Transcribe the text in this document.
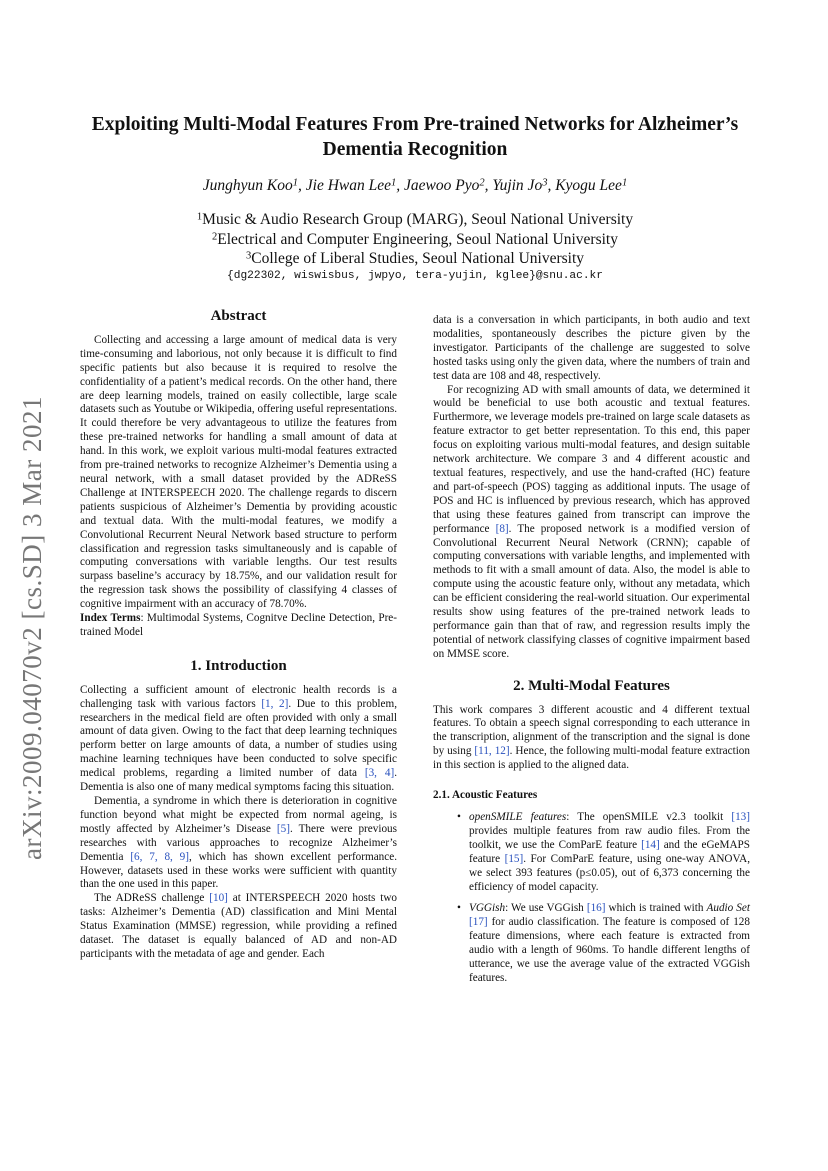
arXiv:2009.04070v2 [cs.SD] 3 Mar 2021
Exploiting Multi-Modal Features From Pre-trained Networks for Alzheimer’s
Dementia Recognition
Junghyun Koo$^1$, Jie Hwan Lee$^1$, Jaewoo Pyo$^2$, Yujin Jo$^3$, Kyogu Lee$^1$
$^1$Music & Audio Research Group (MARG), Seoul National University
$^2$Electrical and Computer Engineering, Seoul National University
$^3$College of Liberal Studies, Seoul National University
{dg22302, wiswisbus, jwpyo, tera-yujin, kglee}@snu.ac.kr
Abstract

Collecting and accessing a large amount of medical data is very time-consuming and laborious, not only because it is difficult to find specific patients but also because it is required to resolve the confidentiality of a patient’s medical records. On the other hand, there are deep learning models, trained on easily collectible, large scale datasets such as Youtube or Wikipedia, offering useful representations. It could therefore be very advantageous to utilize the features from these pre-trained networks for handling a small amount of data at hand. In this work, we exploit various multi-modal features extracted from pre-trained networks to recognize Alzheimer’s Dementia using a neural network, with a small dataset provided by the ADReSS Challenge at INTERSPEECH 2020. The challenge regards to discern patients suspicious of Alzheimer’s Dementia by providing acoustic and textual data. With the multi-modal features, we modify a Convolutional Recurrent Neural Network based structure to perform classification and regression tasks simultaneously and is capable of computing conversations with variable lengths. Our test results surpass baseline’s accuracy by 18.75%, and our validation result for the regression task shows the possibility of classifying 4 classes of cognitive impairment with an accuracy of 78.70%.

Index Terms: Multimodal Systems, Cognitve Decline Detection, Pre-trained Model

1. Introduction

Collecting a sufficient amount of electronic health records is a challenging task with various factors [1, 2]. Due to this problem, researchers in the medical field are often provided with only a small amount of data given. Owing to the fact that deep learning techniques perform better on large amounts of data, a number of studies using machine learning techniques have been conducted to solve specific medical problems, regarding a limited number of data [3, 4]. Dementia is also one of many medical symptoms facing this situation.

Dementia, a syndrome in which there is deterioration in cognitive function beyond what might be expected from normal ageing, is mostly affected by Alzheimer’s Disease [5]. There were previous researches with various approaches to recognize Alzheimer’s Dementia [6, 7, 8, 9], which has shown excellent performance. However, datasets used in these works were sufficient with quantity than the one used in this paper.

The ADReSS challenge [10] at INTERSPEECH 2020 hosts two tasks: Alzheimer’s Dementia (AD) classification and Mini Mental Status Examination (MMSE) regression, while providing a refined dataset. The dataset is equally balanced of AD and non-AD participants with the metadata of age and gender. Each

data is a conversation in which participants, in both audio and text modalities, spontaneously describes the picture given by the investigator. Participants of the challenge are suggested to solve hosted tasks using only the given data, where the numbers of train and test data are 108 and 48, respectively.

For recognizing AD with small amounts of data, we determined it would be beneficial to use both acoustic and textual features. Furthermore, we leverage models pre-trained on large scale datasets as feature extractor to get better representation. To this end, this paper focus on exploiting various multi-modal features, and design suitable network architecture. We compare 3 and 4 different acoustic and textual features, respectively, and use the hand-crafted (HC) feature and part-of-speech (POS) tagging as additional inputs. The usage of POS and HC is influenced by previous research, which has approved that using these features gained from transcript can improve the performance [8]. The proposed network is a modified version of Convolutional Recurrent Neural Network (CRNN); capable of computing conversations with variable lengths, and implemented with methods to fit with a small amount of data. Also, the model is able to compute using the acoustic feature only, without any metadata, which can be efficient considering the real-world situation. Our experimental results show using features of the pre-trained network leads to performance gain than that of raw, and regression results imply the potential of network classifying classes of cognitive impairment based on MMSE score.

2. Multi-Modal Features

This work compares 3 different acoustic and 4 different textual features. To obtain a speech signal corresponding to each utterance in the transcription, alignment of the transcription and the signal is done by using [11, 12]. Hence, the following multi-modal feature extraction in this section is applied to the aligned data.

2.1. Acoustic Features
• openSMILE features: The openSMILE v2.3 toolkit [13] provides multiple features from raw audio files. From the toolkit, we use the ComParE feature [14] and the eGeMAPS feature [15]. For ComParE feature, using one-way ANOVA, we select 393 features (p≤0.05), out of 6,373 concerning the efficiency of model capacity.
• VGGish: We use VGGish [16] which is trained with Audio Set [17] for audio classification. The feature is composed of 128 feature dimensions, where each feature is extracted from audio with a length of 960ms. To handle different lengths of utterance, we use the average value of the extracted VGGish features.
